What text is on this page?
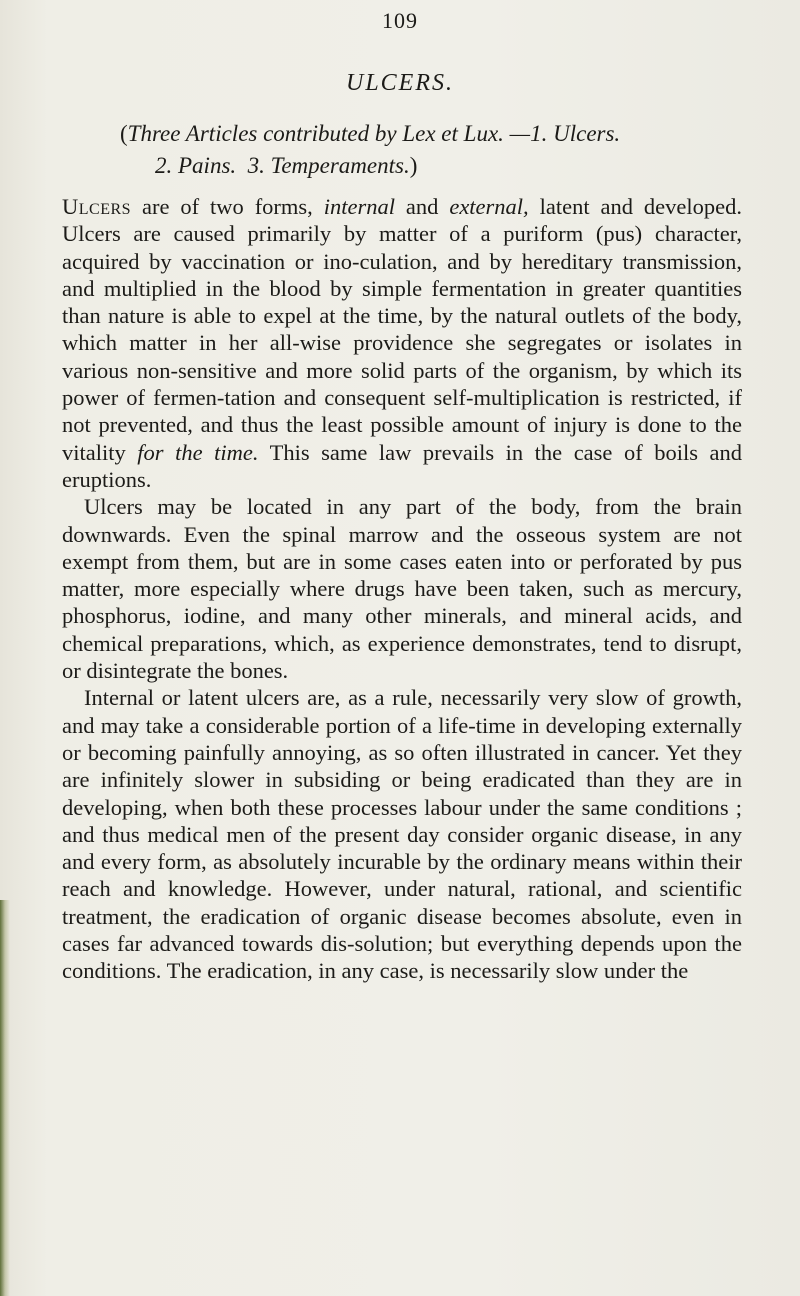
109
ULCERS.
(Three Articles contributed by Lex et Lux. —1. Ulcers.
2. Pains. 3. Temperaments.)

Ulcers are of two forms, internal and external, latent and developed. Ulcers are caused primarily by matter of a puriform (pus) character, acquired by vaccination or ino-culation, and by hereditary transmission, and multiplied in the blood by simple fermentation in greater quantities than nature is able to expel at the time, by the natural outlets of the body, which matter in her all-wise providence she segregates or isolates in various non-sensitive and more solid parts of the organism, by which its power of fermen-tation and consequent self-multiplication is restricted, if not prevented, and thus the least possible amount of injury is done to the vitality for the time. This same law prevails in the case of boils and eruptions.

Ulcers may be located in any part of the body, from the brain downwards. Even the spinal marrow and the osseous system are not exempt from them, but are in some cases eaten into or perforated by pus matter, more especially where drugs have been taken, such as mercury, phosphorus, iodine, and many other minerals, and mineral acids, and chemical preparations, which, as experience demonstrates, tend to disrupt, or disintegrate the bones.

Internal or latent ulcers are, as a rule, necessarily very slow of growth, and may take a considerable portion of a life-time in developing externally or becoming painfully annoying, as so often illustrated in cancer. Yet they are infinitely slower in subsiding or being eradicated than they are in developing, when both these processes labour under the same conditions ; and thus medical men of the present day consider organic disease, in any and every form, as absolutely incurable by the ordinary means within their reach and knowledge. However, under natural, rational, and scientific treatment, the eradication of organic disease becomes absolute, even in cases far advanced towards dis-solution; but everything depends upon the conditions. The eradication, in any case, is necessarily slow under the
